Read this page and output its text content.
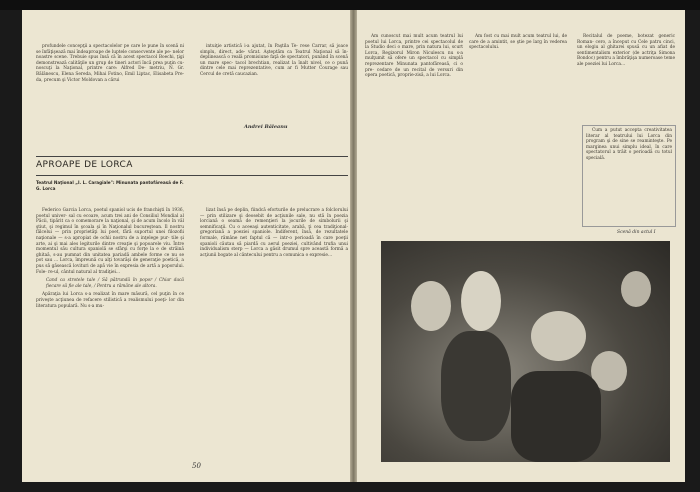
profundele concepţii a spectacolelor pe care le pune în scenă ni se înfăţişează mai îndeaproape de luptele consecvente ale pe- nelor noastre scene. Trebuie spus însă că în acest spectacol Boechi, ţigi demonstrează calităţile un grup de tineri actori încă prea puţin cu- noscuţi la Naţional, printre care: Alfred De- metriu, N. Gr. Bălănescu, Elena Sereda, Mihai Fotino, Emil Liptac, Elisabeta Pre- da, precum şi Victor Moldovan a cărui

intuiţie artistică i-a ajutat, în Paştila Te- rese Carrar, să joace simplu, direct, ade- vărat. Aşteptăm ca Teatrul Naţional să în- deplinească o reală promisiune faţă de spectatori, punând în scenă un mare spec- tacol brechtian, realizat la înalt nivel, ce o pună dintre cele mai reprezentative, cum ar fi Mutter Courage sau Cercul de cretă caucazian.

Andrei Băleanu
APROAPE DE LORCA
Teatrul Naţional „I. L. Caragiale": Minunata pantofăreasă de F. G. Lorca

Federico Garcia Lorca, poetul spaniol ucis de franchişti în 1936, poetul univer- sal cu ecoare, acum trei ani de Consiliul Mondial al Păcii, tipărit ca o comemorare la naţional, şi de acum încolo în vâl ştiut, şi regimul în şcoala şi în Naţionalul bucureştean. Il nostru fălcelui — prin proprietăţi lui poet, fără suportul unei filozofii naţionale — s-a apropiat de ochii nostru de a inţelege pur- tile şi arte, ai şi mai ales legiturile dintre creaţie şi popoarele viu. Între momentul său cultura spaniolă se sfârşi cu forţe la e de străină ghitaă, s-au pumnat din unitatea pariadă ambele forme ce nu se pot sau ... Lorca, împreună cu alţi tovarăşi de generaţie poetică, a pus să găsească lovituri de apă vie în expresia de artă a poporului. Fole- re-ul, cântul natural al tradiţiei...

Cand ca strotele tale / Să pătrundă în popor / Chiar dacă fiecare să fie ale tale, / Pentru a rămâne ale altora.

Apăraţia lui Lorca s-a realizat în mare măsură, cel puţin în ce priveşte acţiunea de refacere stilistică a realismului poeţi- lor din literatura populară. Nu s-a mu-

lizat însă pe deplin, fiindcă eforturile de prelucrare a folclorului — prin stilizare şi deosebit de acţiunile sale, nu stă în poezia lorciană o seamă de remenţieri la jocurile de simbolurii şi semnificaţii. Cu o aceeaşi autenticitate, arabă, ţi cea tradiţional-gregoriană a poeziei spaniole. Indiferent, însă, de rezultatele formale, rămâne net faptul că — intr-o perioadă în care poeţii spanioli căutau să piardă cu aerul poeziei, cultivând trufia unui individualism sterp — Lorca a găsit drumul spre această formă a acţiunii bogate al cântecului pentru a comunica o expresie...

50

Am cunoscut mai mult acum teatrul lui poetul lui Lorca, printre cei spectacolul de la Studio deci o mare, prin natura lui, scurt Lorca, Regizorul Miron Niculescu nu s-a mulţumit să ofere un spectacol cu simplă reprezentare Minunata pantofăreasă, ci o pre- cedare de un recital de versuri din opera poetică, proprie-zisă, a lui Lorca.

Am fost cu mai mult acum teatrul lui, de care de a amintit, se ştie pe larg în vederea spectacolului.

Recitalul de poeme, botezat generic Roman- cero, a început cu Cele patru cinci, un elogiu al ghitarei spusă cu un afiat de sentimentalism exterior (de actriţa Simona Bondoc) pentru a îmbrăţişa numeroase teme ale poeziei lui Lorca...

Cum a putut accepta creativitatea literar al teatrului lui Lorca din program şi de sine se reaminteşte. Pe marginea unui simplu ideal, în care spectatorul a trăit o perioadă cu totul specială.

Scenă din actul I
